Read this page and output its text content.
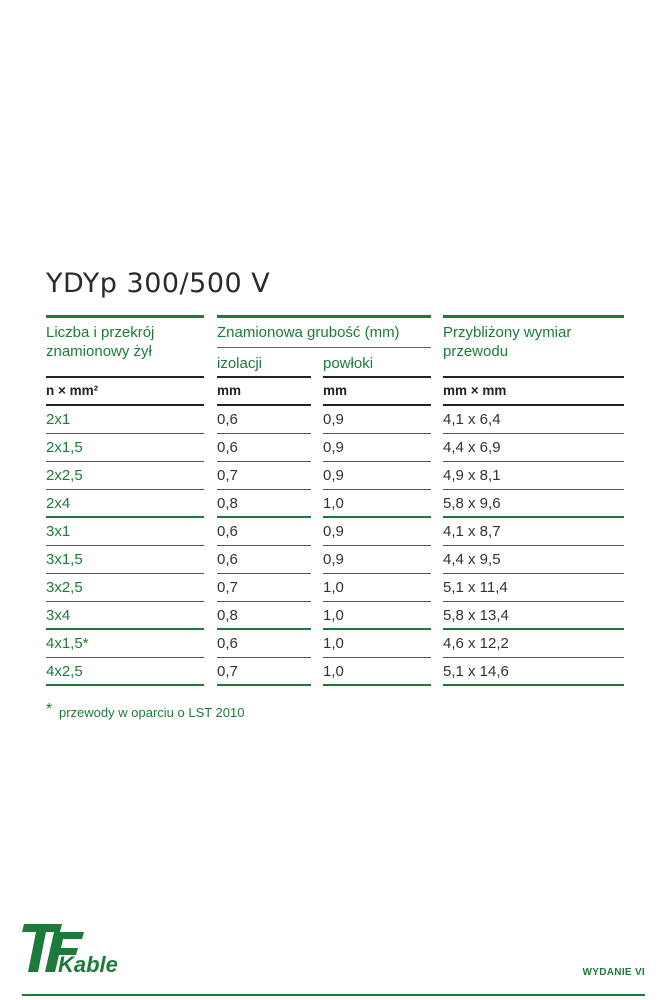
YDYp 300/500 V
Liczba i przekrój znamionowy żył
Znamionowa grubość (mm)
izolacji	powłoki
Przybliżony wymiar przewodu
n × mm²	mm	mm	mm × mm
2x1	0,6	0,9	4,1 x 6,4
2x1,5	0,6	0,9	4,4 x 6,9
2x2,5	0,7	0,9	4,9 x 8,1
2x4	0,8	1,0	5,8 x 9,6
3x1	0,6	0,9	4,1 x 8,7
3x1,5	0,6	0,9	4,4 x 9,5
3x2,5	0,7	1,0	5,1 x 11,4
3x4	0,8	1,0	5,8 x 13,4
4x1,5*	0,6	1,0	4,6 x 12,2
4x2,5	0,7	1,0	5,1 x 14,6
* przewody w oparciu o LST 2010
Kable	WYDANIE VI
